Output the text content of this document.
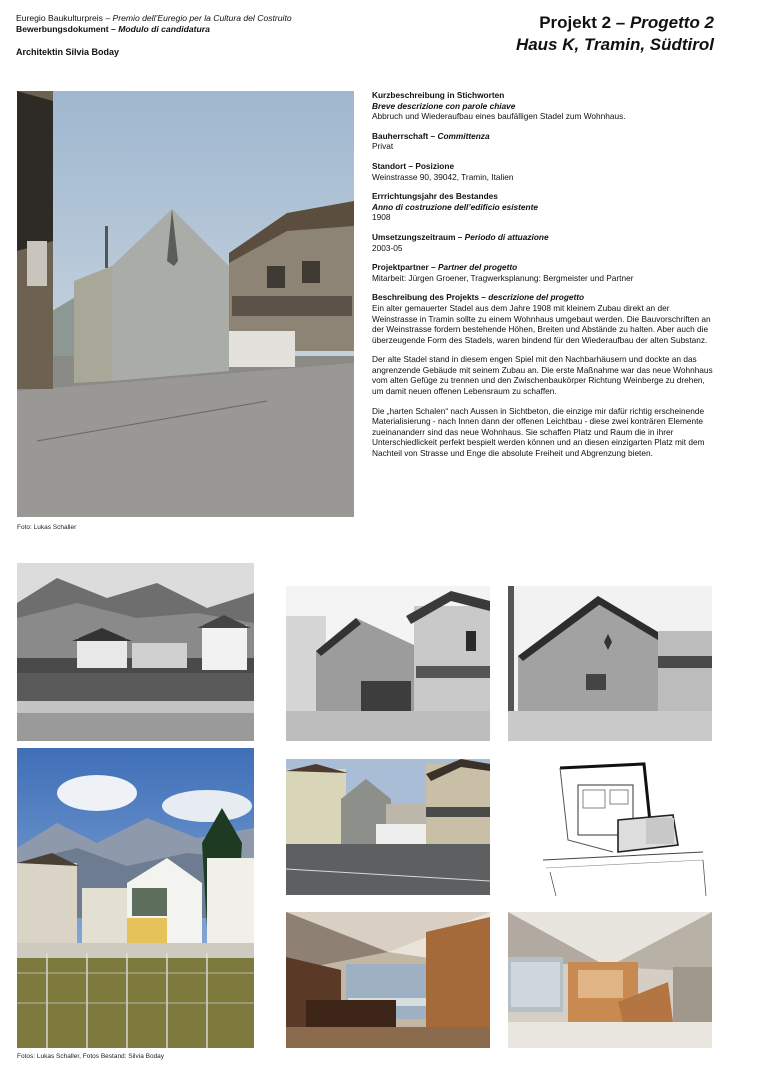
Euregio Baukulturpreis – Premio dell’Euregio per la Cultura del Costruito
Bewerbungsdokument – Modulo di candidatura
Architektin Silvia Boday
Projekt 2 – Progetto 2
Haus K, Tramin, Südtirol
Foto: Lukas Schaller
Kurzbeschreibung in Stichworten
Breve descrizione con parole chiave
Abbruch und Wiederaufbau eines baufälligen Stadel zum Wohnhaus.
Bauherrschaft – Committenza
Privat
Standort – Posizione
Weinstrasse 90, 39042, Tramin, Italien
Errrichtungsjahr des Bestandes
Anno di costruzione dell’edificio esistente
1908
Umsetzungszeitraum – Periodo di attuazione
2003-05
Projektpartner – Partner del progetto
Mitarbeit: Jürgen Groener, Tragwerksplanung: Bergmeister und Partner
Beschreibung des Projekts – descrizione del progetto

Ein alter gemauerter Stadel aus dem Jahre 1908 mit kleinem Zubau direkt an der Weinstrasse in Tramin sollte zu einem Wohnhaus umgebaut werden. Die Bauvorschriften an der Weinstrasse fordern bestehende Höhen, Breiten und Abstände zu halten. Aber auch die überzeugende Form des Stadels, waren bindend für den Wiederaufbau der alten Substanz.

Der alte Stadel stand in diesem engen Spiel mit den Nachbarhäusern und dockte an das angrenzende Gebäude mit seinem Zubau an. Die erste Maßnahme war das neue Wohnhaus vom alten Gefüge zu trennen und den Zwischenbaukörper Richtung Weinberge zu drehen, um damit neuen offenen Lebensraum zu schaffen.

Die „harten Schalen“ nach Aussen in Sichtbeton, die einzige mir dafür richtig erscheinende Materialisierung - nach Innen dann der offenen Leichtbau - diese zwei konträren Elemente zueinananderr sind das neue Wohnhaus. Sie schaffen Platz und Raum die in ihrer Unterschiedlickeit perfekt bespielt werden können und an diesen einzigarten Platz mit dem Nachteil von Strasse und Enge die absolute Freiheit und Abgrenzung bieten.

Fotos: Lukas Schaller, Fotos Bestand: Silvia Boday
